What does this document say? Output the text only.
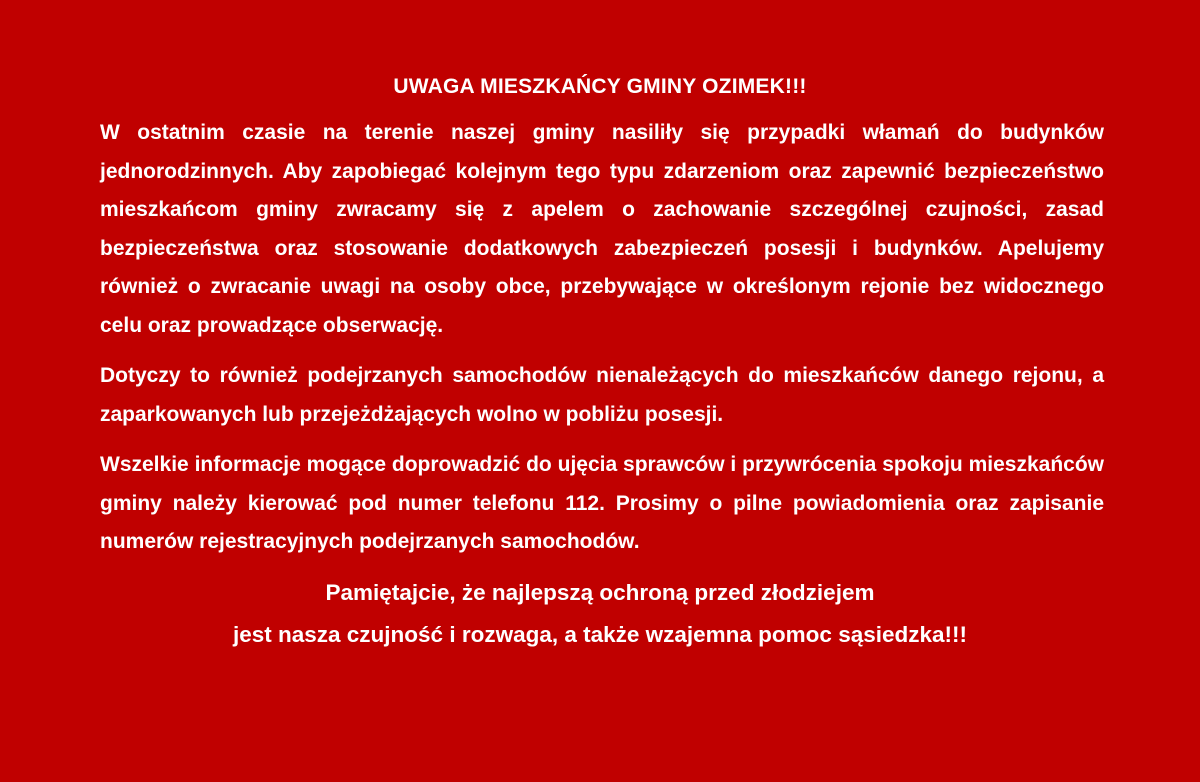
UWAGA MIESZKAŃCY GMINY OZIMEK!!!

W ostatnim czasie na terenie naszej gminy nasiliły się przypadki włamań do budynków jednorodzinnych. Aby zapobiegać kolejnym tego typu zdarzeniom oraz zapewnić bezpieczeństwo mieszkańcom gminy zwracamy się z apelem o zachowanie szczególnej czujności, zasad bezpieczeństwa oraz stosowanie dodatkowych zabezpieczeń posesji i budynków. Apelujemy również o zwracanie uwagi na osoby obce, przebywające w określonym rejonie bez widocznego celu oraz prowadzące obserwację.

Dotyczy to również podejrzanych samochodów nienależących do mieszkańców danego rejonu, a zaparkowanych lub przejeżdżających wolno w pobliżu posesji.

Wszelkie informacje mogące doprowadzić do ujęcia sprawców i przywrócenia spokoju mieszkańców gminy należy kierować pod numer telefonu 112. Prosimy o pilne powiadomienia oraz zapisanie numerów rejestracyjnych podejrzanych samochodów.

Pamiętajcie, że najlepszą ochroną przed złodziejem
jest nasza czujność i rozwaga, a także wzajemna pomoc sąsiedzka!!!
